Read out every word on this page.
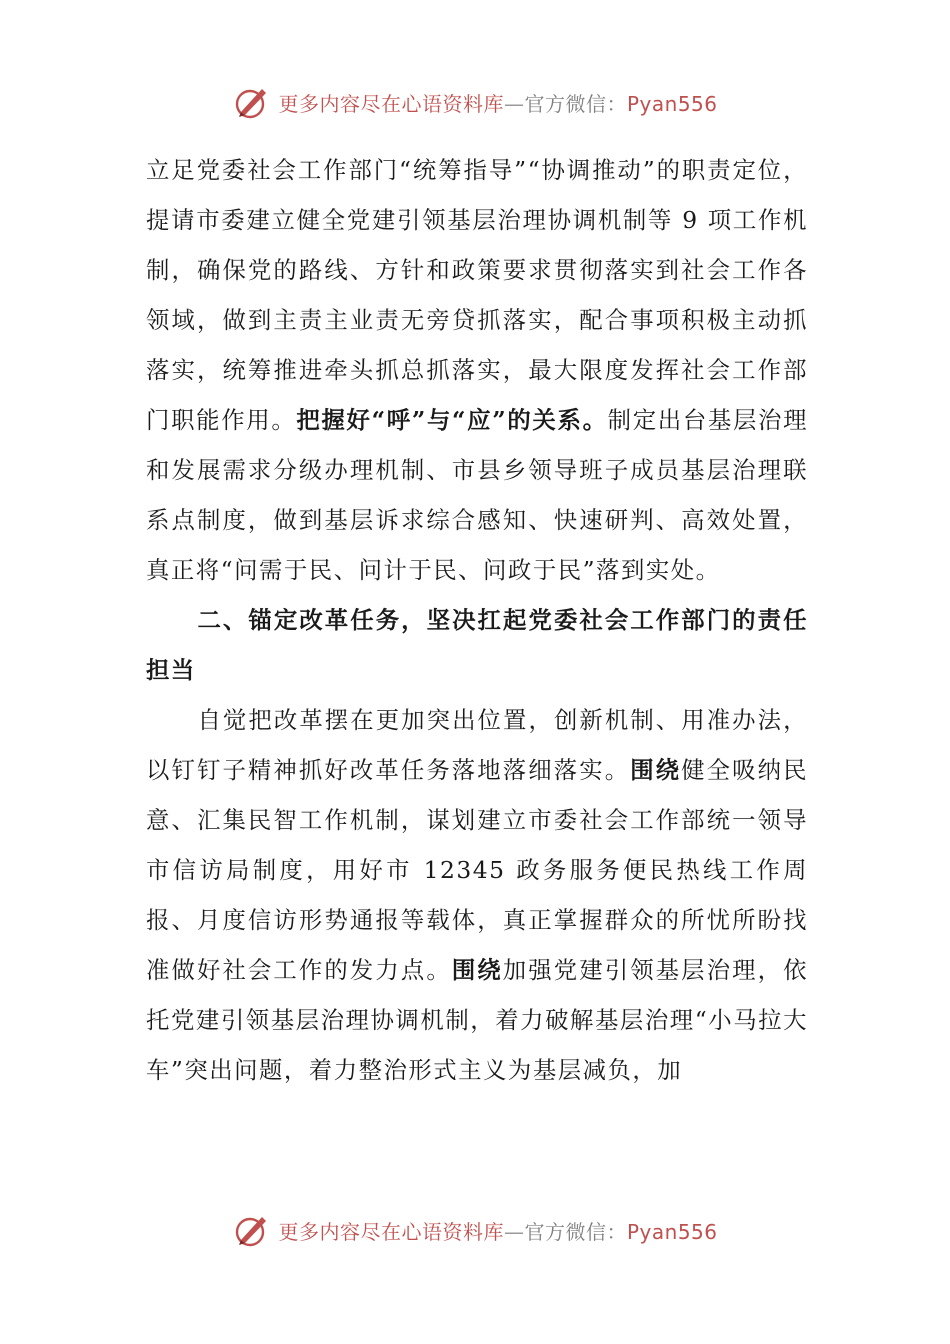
更多内容尽在心语资料库—官方微信：Pyan556

立足党委社会工作部门“统筹指导”“协调推动”的职责定位，提请市委建立健全党建引领基层治理协调机制等 9 项工作机制，确保党的路线、方针和政策要求贯彻落实到社会工作各领域，做到主责主业责无旁贷抓落实，配合事项积极主动抓落实，统筹推进牵头抓总抓落实，最大限度发挥社会工作部门职能作用。把握好“呼”与“应”的关系。制定出台基层治理和发展需求分级办理机制、市县乡领导班子成员基层治理联系点制度，做到基层诉求综合感知、快速研判、高效处置，真正将“问需于民、问计于民、问政于民”落到实处。

二、锚定改革任务，坚决扛起党委社会工作部门的责任担当

自觉把改革摆在更加突出位置，创新机制、用准办法，以钉钉子精神抓好改革任务落地落细落实。围绕健全吸纳民意、汇集民智工作机制，谋划建立市委社会工作部统一领导市信访局制度，用好市 12345 政务服务便民热线工作周报、月度信访形势通报等载体，真正掌握群众的所忧所盼找准做好社会工作的发力点。围绕加强党建引领基层治理，依托党建引领基层治理协调机制，着力破解基层治理“小马拉大车”突出问题，着力整治形式主义为基层减负，加

更多内容尽在心语资料库—官方微信：Pyan556
